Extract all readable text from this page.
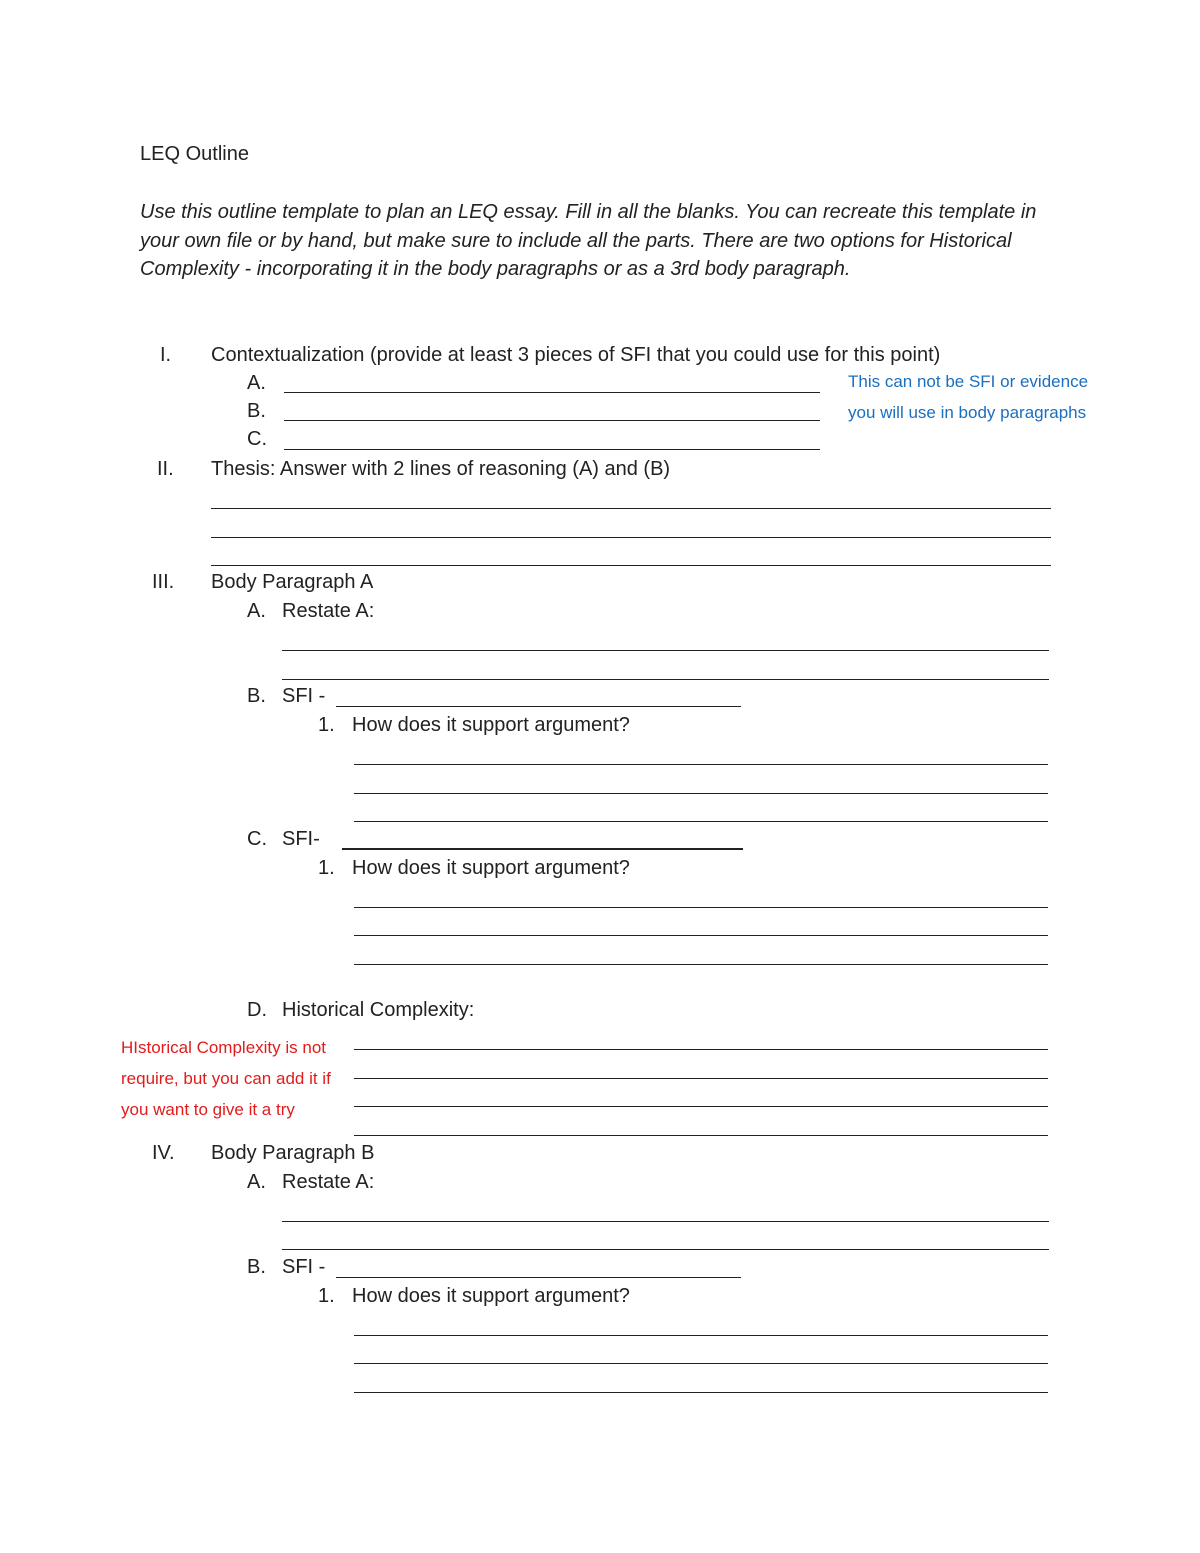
LEQ Outline
Use this outline template to plan an LEQ essay. Fill in all the blanks. You can recreate this template in your own file or by hand, but make sure to include all the parts. There are two options for Historical Complexity - incorporating it in the body paragraphs or as a 3rd body paragraph.
I. Contextualization (provide at least 3 pieces of SFI that you could use for this point)
A.
B.
C.
This can not be SFI or evidence
you will use in body paragraphs
II. Thesis: Answer with 2 lines of reasoning (A) and (B)
III. Body Paragraph A
A. Restate A:
B. SFI -
1. How does it support argument?
C. SFI-
1. How does it support argument?
D. Historical Complexity:
HIstorical Complexity is not
require, but you can add it if
you want to give it a try
IV. Body Paragraph B
A. Restate A:
B. SFI -
1. How does it support argument?
